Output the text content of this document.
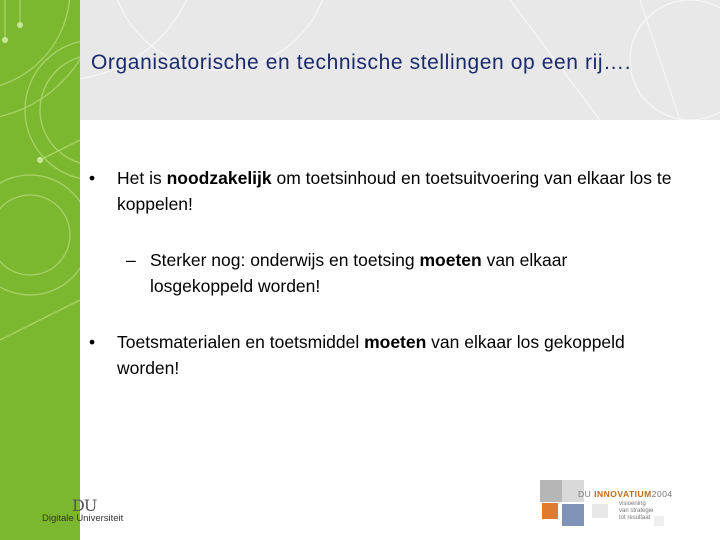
Organisatorische en technische stellingen op een rij….
• Het is noodzakelijk om toetsinhoud en toetsuitvoering van elkaar los te koppelen!
– Sterker nog: onderwijs en toetsing moeten van elkaar losgekoppeld worden!
• Toetsmaterialen en toetsmiddel moeten van elkaar los gekoppeld worden!
DU
Digitale Universiteit
DU INNOVATIUM2004
visioening
van strategie
tot resultaat
